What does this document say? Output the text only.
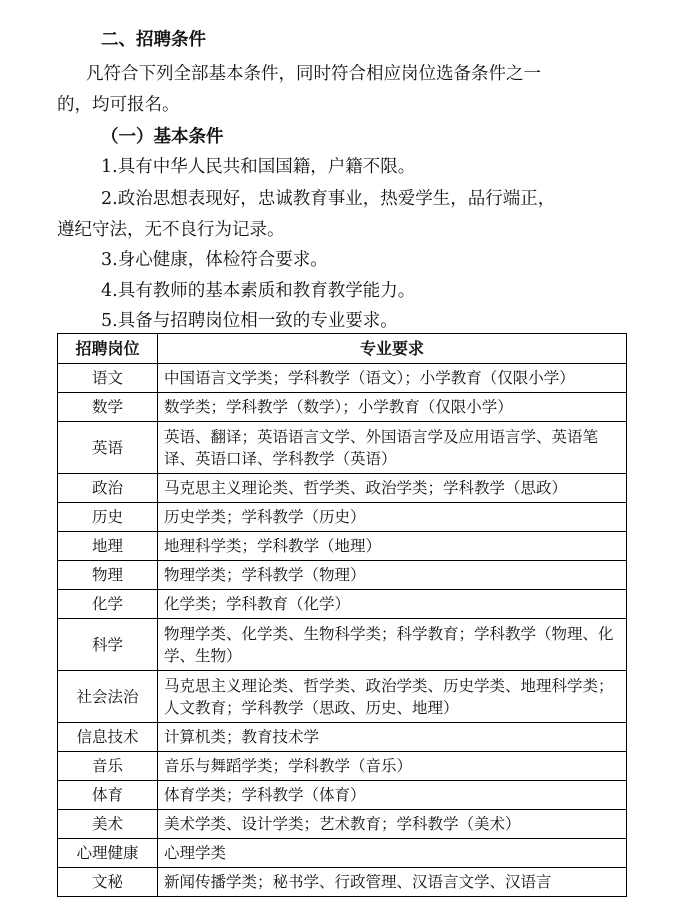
二、招聘条件
凡符合下列全部基本条件，同时符合相应岗位选备条件之一
的，均可报名。
（一）基本条件
1.具有中华人民共和国国籍，户籍不限。
2.政治思想表现好，忠诚教育事业，热爱学生，品行端正，
遵纪守法，无不良行为记录。
3.身心健康，体检符合要求。
4.具有教师的基本素质和教育教学能力。
5.具备与招聘岗位相一致的专业要求。
招聘岗位	专业要求
语文	中国语言文学类；学科教学（语文）；小学教育（仅限小学）
数学	数学类；学科教学（数学）；小学教育（仅限小学）
英语	英语、翻译；英语语言文学、外国语言学及应用语言学、英语笔译、英语口译、学科教学（英语）
政治	马克思主义理论类、哲学类、政治学类；学科教学（思政）
历史	历史学类；学科教学（历史）
地理	地理科学类；学科教学（地理）
物理	物理学类；学科教学（物理）
化学	化学类；学科教育（化学）
科学	物理学类、化学类、生物科学类；科学教育；学科教学（物理、化学、生物）
社会法治	马克思主义理论类、哲学类、政治学类、历史学类、地理科学类；人文教育；学科教学（思政、历史、地理）
信息技术	计算机类；教育技术学
音乐	音乐与舞蹈学类；学科教学（音乐）
体育	体育学类；学科教学（体育）
美术	美术学类、设计学类；艺术教育；学科教学（美术）
心理健康	心理学类
文秘	新闻传播学类；秘书学、行政管理、汉语言文学、汉语言
